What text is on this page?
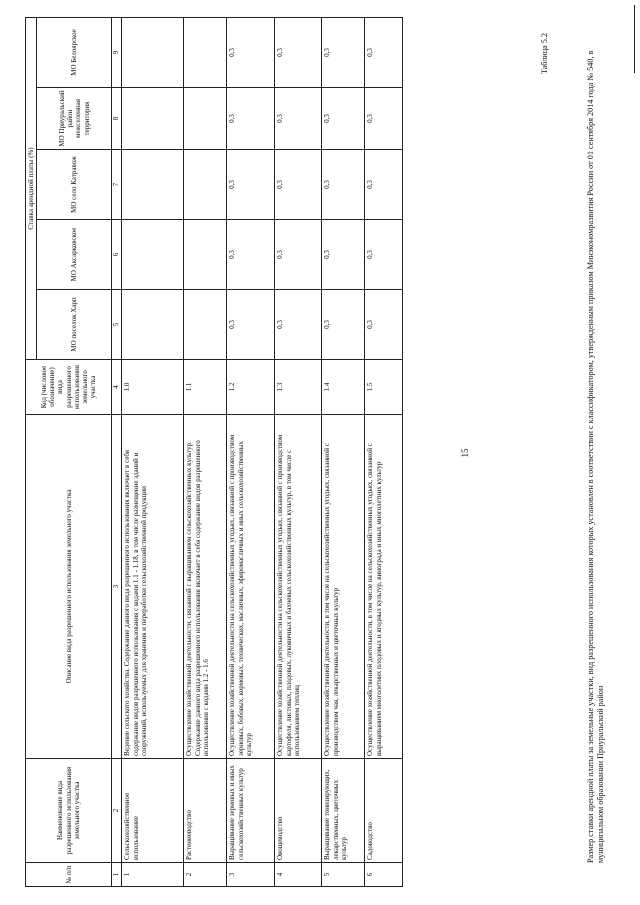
15	Размер ставки арендной платы за земельные участки, вид разрешенного использования которых установлен в соответствии с классификатором, утвержденным приказом Минэкономразвития России от 01 сентября 2014 года № 540, в муниципальном образовании Приуральский район
Таблица 5.2
№ п/п	Наименование вида разрешенного использования земельного участка	Описание вида разрешенного использования земельного участка	Код (числовое обозначение) вида разрешенного использования земельного участка	Ставка арендной платы (%)				
				МО поселок Харп	МО Аксарковское	МО село Катравож	МО Приуральский район межселенная территория	МО Белоярское
1	2	3	4	5	6	7	8	9
1	Сельскохозяйственное использование	Ведение сельского хозяйства. Содержание данного вида разрешенного использования включает в себя содержание видов разрешенного использования с кодами 1.1 - 1.18, в том числе размещение зданий и сооружений, используемых для хранения и переработки сельскохозяйственной продукции	1.0					
2	Растениеводство	Осуществление хозяйственной деятельности, связанной с выращиванием сельскохозяйственных культур. Содержание данного вида разрешенного использования включает в себя содержание видов разрешенного использования с кодами 1.2 - 1.6	1.1					
3	Выращивание зерновых и иных сельскохозяйственных культур	Осуществление хозяйственной деятельности на сельскохозяйственных угодьях, связанной с производством зерновых, бобовых, кормовых, технических, масличных, эфиромасличных и иных сельскохозяйственных культур	1.2	0,3	0,3	0,3	0,3	0,3
4	Овощеводство	Осуществление хозяйственной деятельности на сельскохозяйственных угодьях, связанной с производством картофеля, листовых, плодовых, луковичных и бахчевых сельскохозяйственных культур, в том числе с использованием теплиц	1.3	0,3	0,3	0,3	0,3	0,3
5	Выращивание тонизирующих, лекарственных, цветочных культур	Осуществление хозяйственной деятельности, в том числе на сельскохозяйственных угодьях, связанной с производством чая, лекарственных и цветочных культур	1.4	0,3	0,3	0,3	0,3	0,3
6	Садоводство	Осуществление хозяйственной деятельности, в том числе на сельскохозяйственных угодьях, связанной с выращиванием многолетних плодовых и ягодных культур, винограда и иных многолетних культур	1.5	0,3	0,3	0,3	0,3	0,3
